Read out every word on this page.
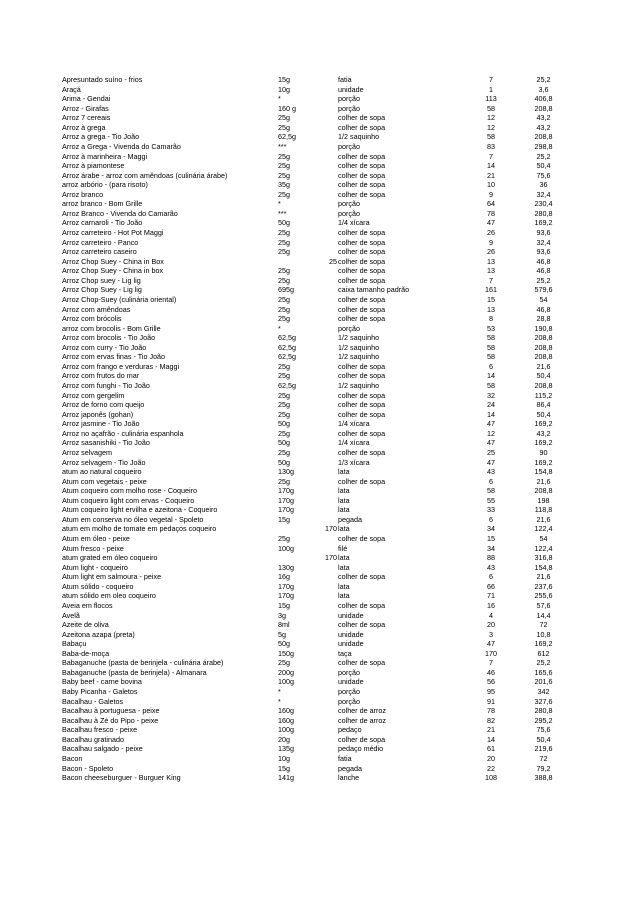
Apresuntado suíno - frios	15g	fatia	7	25,2
Araçá	10g	unidade	1	3,6
Arima - Gendai	*	porção	113	406,8
Arroz - Girafas	160 g	porção	58	208,8
Arroz 7 cereais	25g	colher de sopa	12	43,2
Arroz à grega	25g	colher de sopa	12	43,2
Arroz a grega - Tio João	62,5g	1/2 saquinho	58	208,8
Arroz a Grega - Vivenda do Camarão	***	porção	83	298,8
Arroz à marinheira - Maggi	25g	colher de sopa	7	25,2
Arroz à piamontese	25g	colher de sopa	14	50,4
Arroz árabe - arroz com amêndoas (culinária árabe)	25g	colher de sopa	21	75,6
arroz arbório - (para risoto)	35g	colher de sopa	10	36
Arroz branco	25g	colher de sopa	9	32,4
arroz branco - Bom Grille	*	porção	64	230,4
Arroz Branco - Vivenda do Camarão	***	porção	78	280,8
Arroz carnaroli - Tio João	50g	1/4 xícara	47	169,2
Arroz carreteiro - Hot Pot Maggi	25g	colher de sopa	26	93,6
Arroz carreteiro - Panco	25g	colher de sopa	9	32,4
Arroz carreteiro caseiro	25g	colher de sopa	26	93,6
Arroz Chop Suey - China in Box	25	colher de sopa	13	46,8
Arroz Chop Suey - China in box	25g	colher de sopa	13	46,8
Arroz Chop suey - Lig lig	25g	colher de sopa	7	25,2
Arroz Chop Suey - Lig lig	695g	caixa tamanho padrão	161	579,6
Arroz Chop-Suey (culinária oriental)	25g	colher de sopa	15	54
Arroz com amêndoas	25g	colher de sopa	13	46,8
Arroz com brócolis	25g	colher de sopa	8	28,8
arroz com brocolis - Bom Grille	*	porção	53	190,8
Arroz com brocolis - Tio João	62,5g	1/2 saquinho	58	208,8
Arroz com curry - Tio João	62,5g	1/2 saquinho	58	208,8
Arroz com ervas finas - Tio João	62,5g	1/2 saquinho	58	208,8
Arroz com frango e verduras - Maggi	25g	colher de sopa	6	21,6
Arroz com frutos do mar	25g	colher de sopa	14	50,4
Arroz com funghi - Tio João	62,5g	1/2 saquinho	58	208,8
Arroz com gergelim	25g	colher de sopa	32	115,2
Arroz de forno com queijo	25g	colher de sopa	24	86,4
Arroz japonês (gohan)	25g	colher de sopa	14	50,4
Arroz jasmine - Tio João	50g	1/4 xícara	47	169,2
Arroz no açafrão - culinária espanhola	25g	colher de sopa	12	43,2
Arroz sasanishiki - Tio João	50g	1/4 xícara	47	169,2
Arroz selvagem	25g	colher de sopa	25	90
Arroz selvagem - Tio João	50g	1/3 xícara	47	169,2
atum ao natural coqueiro	130g	lata	43	154,8
Atum com vegetais - peixe	25g	colher de sopa	6	21,6
Atum coqueiro com molho rose - Coqueiro	170g	lata	58	208,8
Atum coqueiro light com ervas - Coqueiro	170g	lata	55	198
Atum coqueiro light ervilha e azeitona - Coqueiro	170g	lata	33	118,8
Atum em conserva no óleo vegetal - Spoleto	15g	pegada	6	21,6
atum em molho de tomate em pedaços coqueiro	170	lata	34	122,4
Atum em óleo - peixe	25g	colher de sopa	15	54
Atum fresco - peixe	100g	filé	34	122,4
atum grated em óleo coqueiro	170	lata	88	316,8
Atum light - coqueiro	130g	lata	43	154,8
Atum light em salmoura - peixe	16g	colher de sopa	6	21,6
Atum sólido - coqueiro	170g	lata	66	237,6
atum sólido em oleo coqueiro	170g	lata	71	255,6
Aveia em flocos	15g	colher de sopa	16	57,6
Avelã	3g	unidade	4	14,4
Azeite de oliva	8ml	colher de sopa	20	72
Azeitona azapa (preta)	5g	unidade	3	10,8
Babaçu	50g	unidade	47	169,2
Baba-de-moça	150g	taça	170	612
Babaganuche (pasta de berinjela - culinária árabe)	25g	colher de sopa	7	25,2
Babaganuche (pasta de berinjela) - Almanara	200g	porção	46	165,6
Baby beef - carne bovina	100g	unidade	56	201,6
Baby Picanha - Galetos	*	porção	95	342
Bacalhau - Galetos	*	porção	91	327,6
Bacalhau à portuguesa - peixe	160g	colher de arroz	78	280,8
Bacalhau à Zé do Pipo - peixe	160g	colher de arroz	82	295,2
Bacalhau fresco - peixe	100g	pedaço	21	75,6
Bacalhau gratinado	20g	colher de sopa	14	50,4
Bacalhau salgado - peixe	135g	pedaço médio	61	219,6
Bacon	10g	fatia	20	72
Bacon - Spoleto	15g	pegada	22	79,2
Bacon cheeseburguer - Burguer King	141g	lanche	108	388,8
